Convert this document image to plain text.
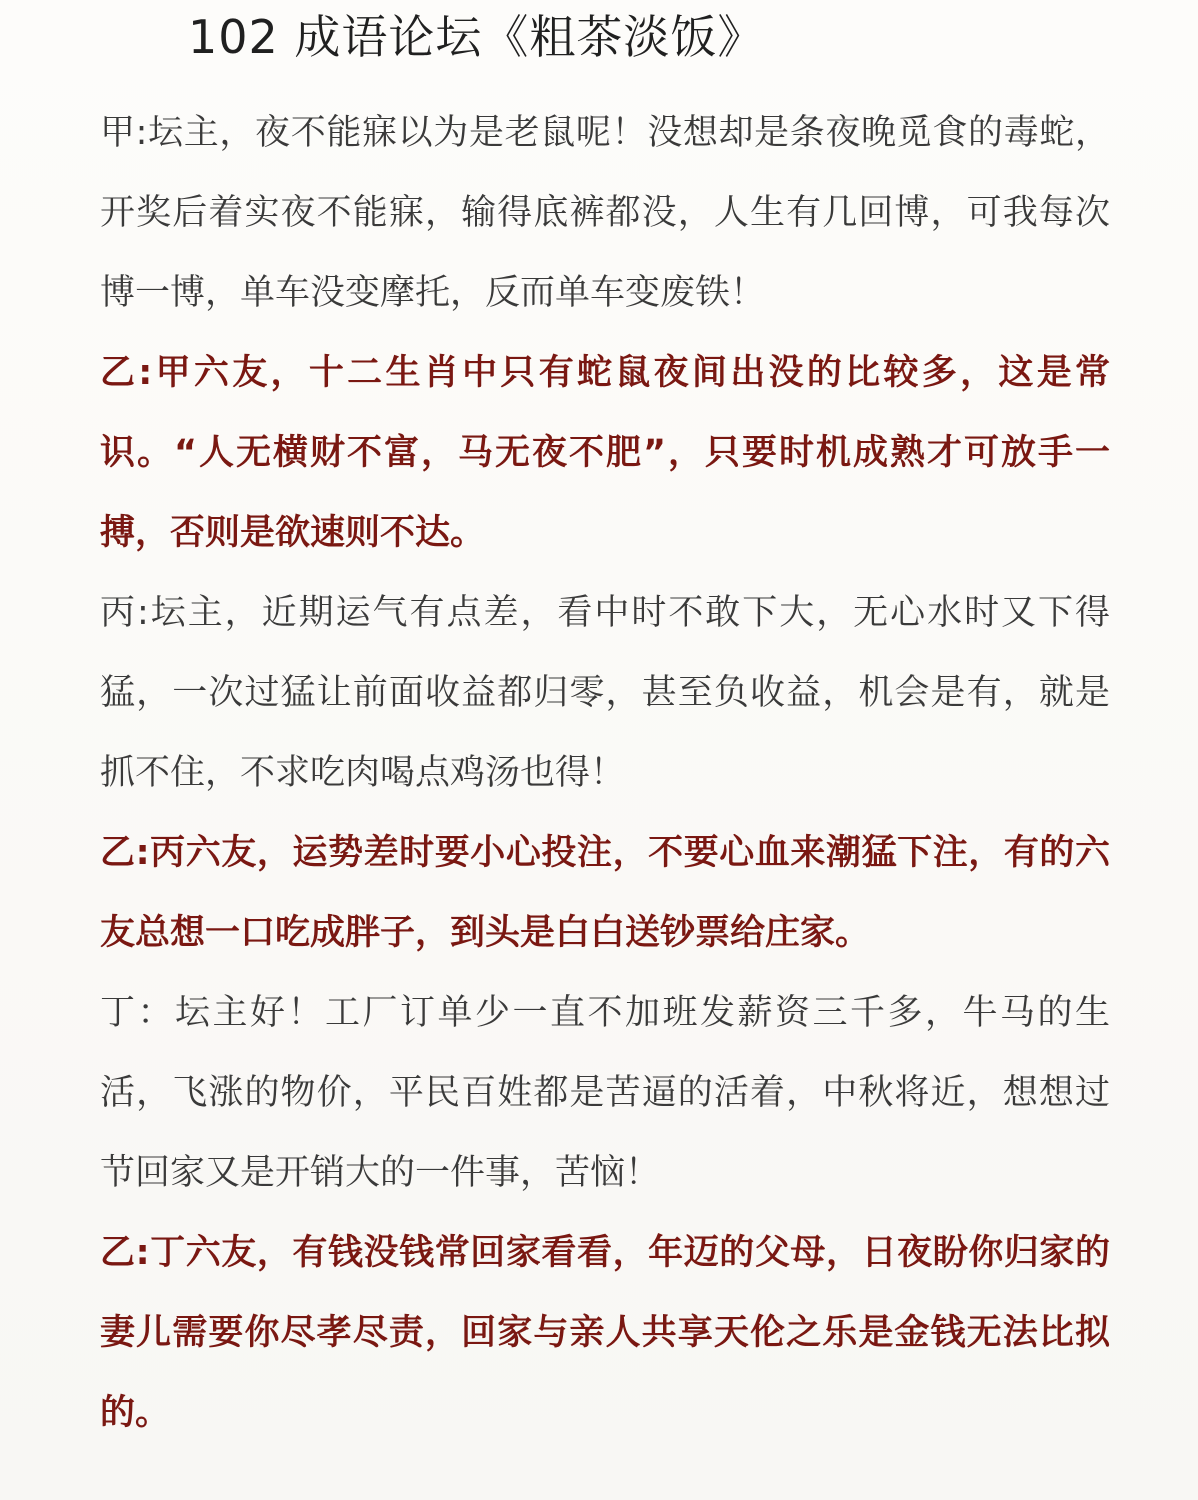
102 成语论坛《粗茶淡饭》

甲:坛主，夜不能寐以为是老鼠呢！没想却是条夜晚觅食的毒蛇，开奖后着实夜不能寐，输得底裤都没，人生有几回博，可我每次博一博，单车没变摩托，反而单车变废铁！

乙:甲六友，十二生肖中只有蛇鼠夜间出没的比较多，这是常识。“人无横财不富，马无夜不肥”，只要时机成熟才可放手一搏，否则是欲速则不达。

丙:坛主，近期运气有点差，看中时不敢下大，无心水时又下得猛，一次过猛让前面收益都归零，甚至负收益，机会是有，就是抓不住，不求吃肉喝点鸡汤也得！

乙:丙六友，运势差时要小心投注，不要心血来潮猛下注，有的六友总想一口吃成胖子，到头是白白送钞票给庄家。

丁：坛主好！工厂订单少一直不加班发薪资三千多，牛马的生活，飞涨的物价，平民百姓都是苦逼的活着，中秋将近，想想过节回家又是开销大的一件事，苦恼！

乙:丁六友，有钱没钱常回家看看，年迈的父母，日夜盼你归家的妻儿需要你尽孝尽责，回家与亲人共享天伦之乐是金钱无法比拟的。
